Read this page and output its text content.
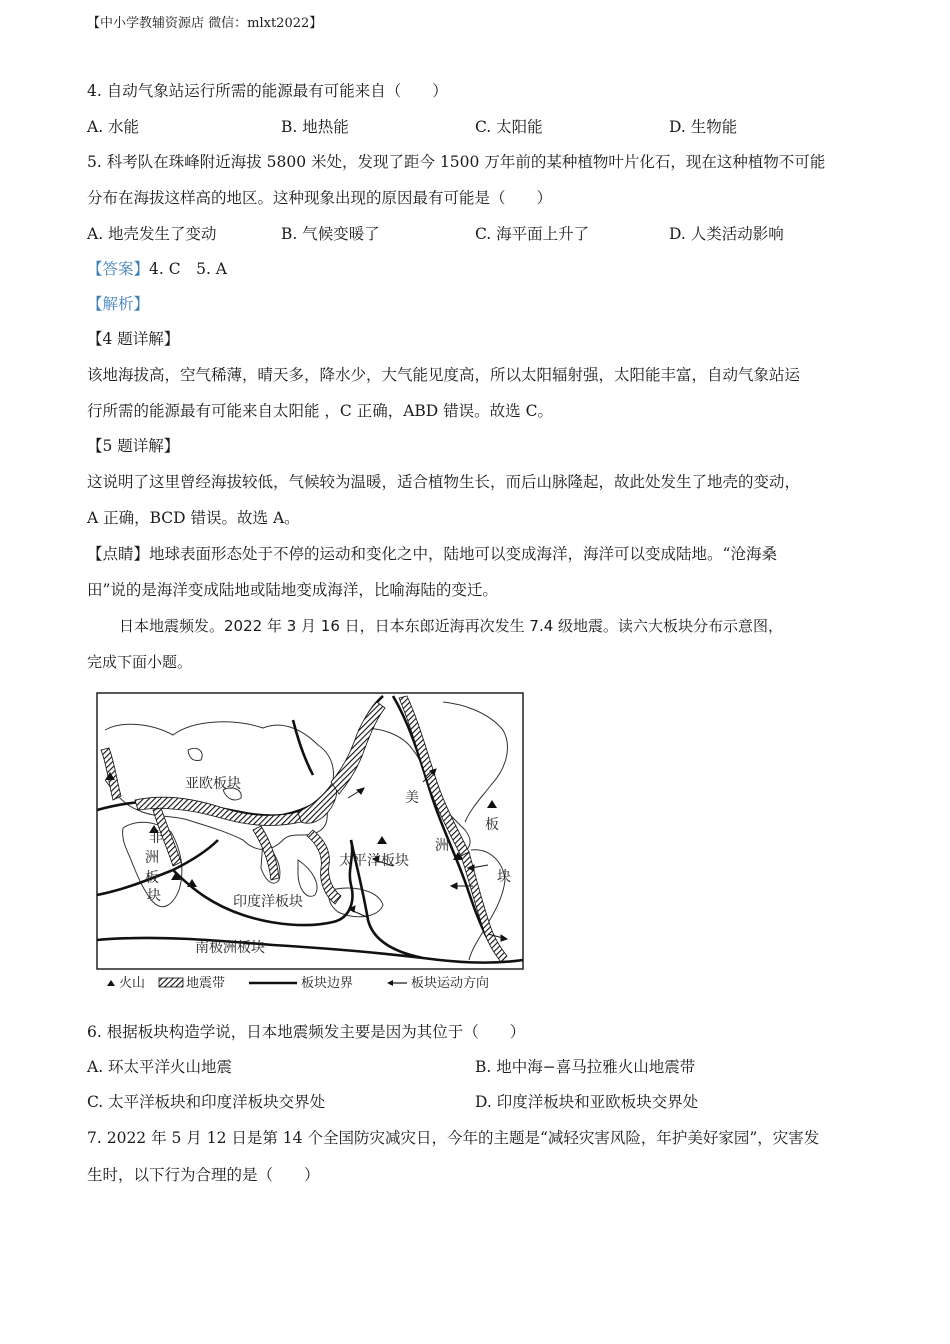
【中小学教辅资源店 微信：mlxt2022】
4. 自动气象站运行所需的能源最有可能来自（　　）
A. 水能	B. 地热能	C. 太阳能	D. 生物能
5. 科考队在珠峰附近海拔 5800 米处，发现了距今 1500 万年前的某种植物叶片化石，现在这种植物不可能
分布在海拔这样高的地区。这种现象出现的原因最有可能是（　　）
A. 地壳发生了变动	B. 气候变暖了	C. 海平面上升了	D. 人类活动影响
【答案】4. C　5. A
【解析】
【4 题详解】
该地海拔高，空气稀薄，晴天多，降水少，大气能见度高，所以太阳辐射强，太阳能丰富，自动气象站运
行所需的能源最有可能来自太阳能 ，C 正确，ABD 错误。故选 C。
【5 题详解】
这说明了这里曾经海拔较低，气候较为温暖，适合植物生长，而后山脉隆起，故此处发生了地壳的变动，
A 正确，BCD 错误。故选 A。
【点睛】地球表面形态处于不停的运动和变化之中，陆地可以变成海洋，海洋可以变成陆地。“沧海桑
田”说的是海洋变成陆地或陆地变成海洋，比喻海陆的变迁。
日本地震频发。2022 年 3 月 16 日，日本东郎近海再次发生 7.4 级地震。读六大板块分布示意图，
完成下面小题。
亚欧板块
非
洲
板
块
太平洋板块
印度洋板块
美
洲
板
块
南极洲板块
火山	地震带	板块边界	板块运动方向
6. 根据板块构造学说，日本地震频发主要是因为其位于（　　）
A. 环太平洋火山地震	B. 地中海−喜马拉雅火山地震带
C. 太平洋板块和印度洋板块交界处	D. 印度洋板块和亚欧板块交界处
7. 2022 年 5 月 12 日是第 14 个全国防灾减灾日，今年的主题是“减轻灾害风险，年护美好家园”，灾害发
生时，以下行为合理的是（　　）
